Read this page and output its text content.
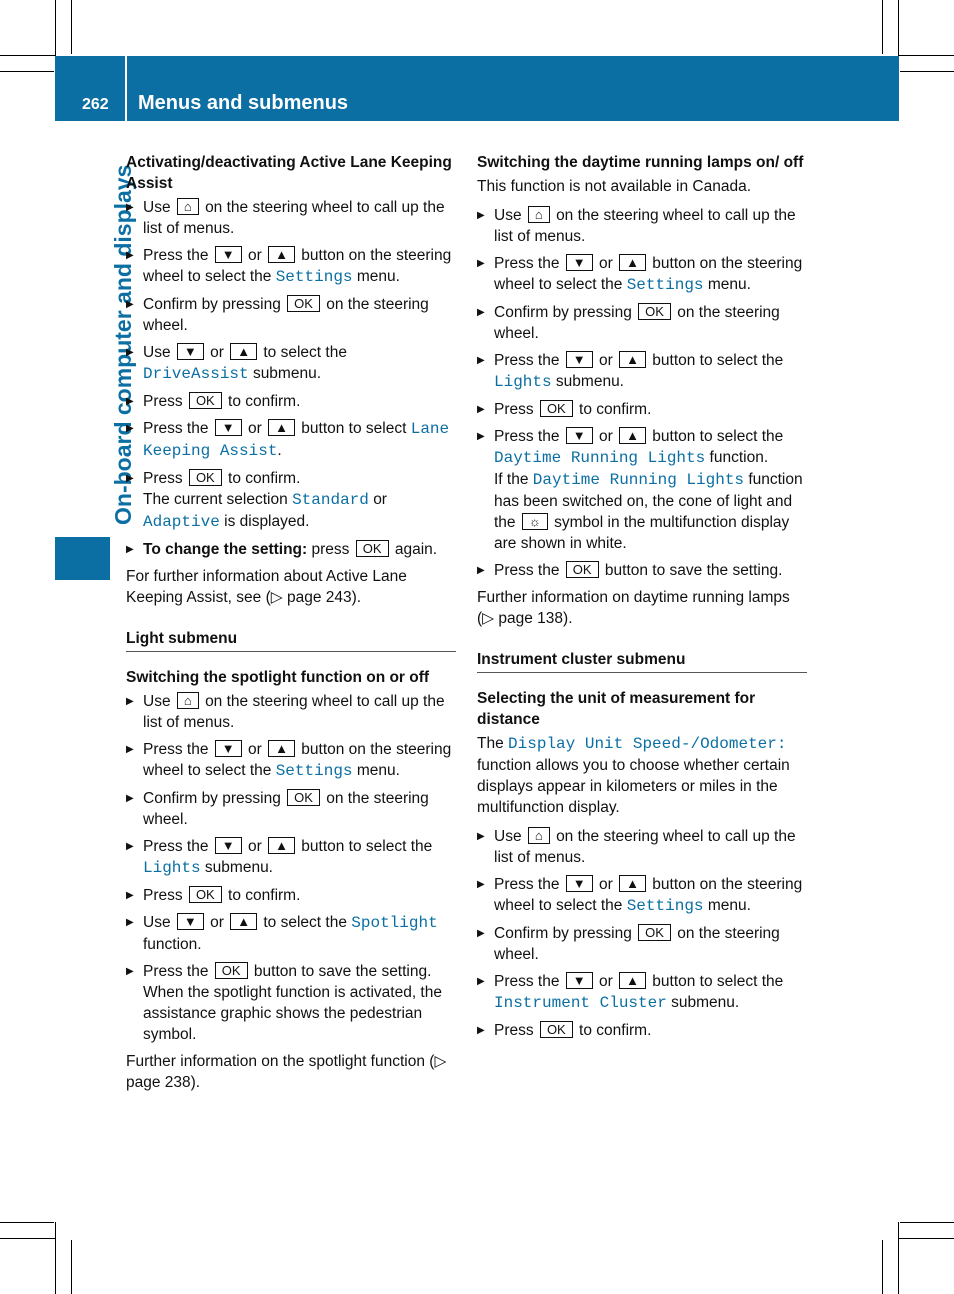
262 Menus and submenus
On-board computer and displays
Activating/deactivating Active Lane Keeping Assist
▶ Use ⌂ on the steering wheel to call up the list of menus.
▶ Press the ▼ or ▲ button on the steering wheel to select the Settings menu.
▶ Confirm by pressing OK on the steering wheel.
▶ Use ▼ or ▲ to select the DriveAssist submenu.
▶ Press OK to confirm.
▶ Press the ▼ or ▲ button to select Lane Keeping Assist.
▶ Press OK to confirm.
The current selection Standard or Adaptive is displayed.
▶ To change the setting: press OK again.
For further information about Active Lane Keeping Assist, see (▷ page 243).
Light submenu
Switching the spotlight function on or off
▶ Use ⌂ on the steering wheel to call up the list of menus.
▶ Press the ▼ or ▲ button on the steering wheel to select the Settings menu.
▶ Confirm by pressing OK on the steering wheel.
▶ Press the ▼ or ▲ button to select the Lights submenu.
▶ Press OK to confirm.
▶ Use ▼ or ▲ to select the Spotlight function.
▶ Press the OK button to save the setting.
When the spotlight function is activated, the assistance graphic shows the pedestrian symbol.
Further information on the spotlight function (▷ page 238).
Switching the daytime running lamps on/ off
This function is not available in Canada.
▶ Use ⌂ on the steering wheel to call up the list of menus.
▶ Press the ▼ or ▲ button on the steering wheel to select the Settings menu.
▶ Confirm by pressing OK on the steering wheel.
▶ Press the ▼ or ▲ button to select the Lights submenu.
▶ Press OK to confirm.
▶ Press the ▼ or ▲ button to select the Daytime Running Lights function.
If the Daytime Running Lights function has been switched on, the cone of light and the ☼ symbol in the multifunction display are shown in white.
▶ Press the OK button to save the setting.
Further information on daytime running lamps (▷ page 138).
Instrument cluster submenu
Selecting the unit of measurement for distance
The Display Unit Speed-/Odometer: function allows you to choose whether certain displays appear in kilometers or miles in the multifunction display.
▶ Use ⌂ on the steering wheel to call up the list of menus.
▶ Press the ▼ or ▲ button on the steering wheel to select the Settings menu.
▶ Confirm by pressing OK on the steering wheel.
▶ Press the ▼ or ▲ button to select the Instrument Cluster submenu.
▶ Press OK to confirm.
